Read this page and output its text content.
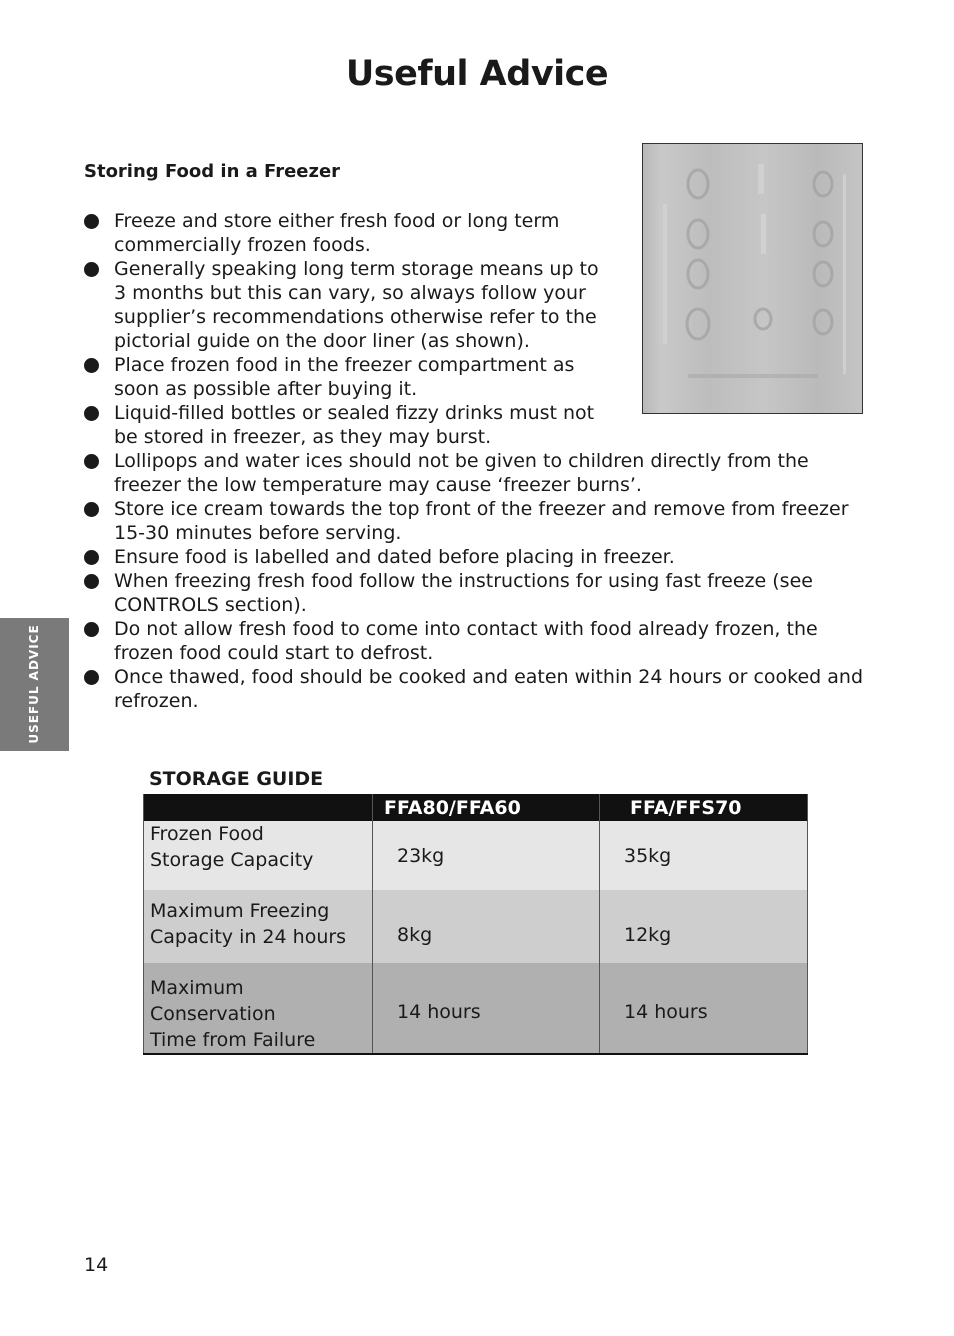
Useful Advice
Storing Food in a Freezer
Freeze and store either fresh food or long term commercially frozen foods.
Generally speaking long term storage means up to 3 months but this can vary, so always follow your supplier’s recommendations otherwise refer to the pictorial guide on the door liner (as shown).
Place frozen food in the freezer compartment as soon as possible after buying it.
Liquid-filled bottles or sealed fizzy drinks must not be stored in freezer, as they may burst.
Lollipops and water ices should not be given to children directly from the freezer the low temperature may cause ‘freezer burns’.
Store ice cream towards the top front of the freezer and remove from freezer 15-30 minutes before serving.
Ensure food is labelled and dated before placing in freezer.
When freezing fresh food follow the instructions for using fast freeze (see CONTROLS section).
Do not allow fresh food to come into contact with food already frozen, the frozen food could start to defrost.
Once thawed, food should be cooked and eaten within 24 hours or cooked and refrozen.
USEFUL ADVICE
STORAGE GUIDE
	FFA80/FFA60	FFA/FFS70

Frozen Food
Storage Capacity	23kg	35kg

Maximum Freezing
Capacity in 24 hours	8kg	12kg

Maximum Conservation
Time from Failure	14 hours	14 hours
14
